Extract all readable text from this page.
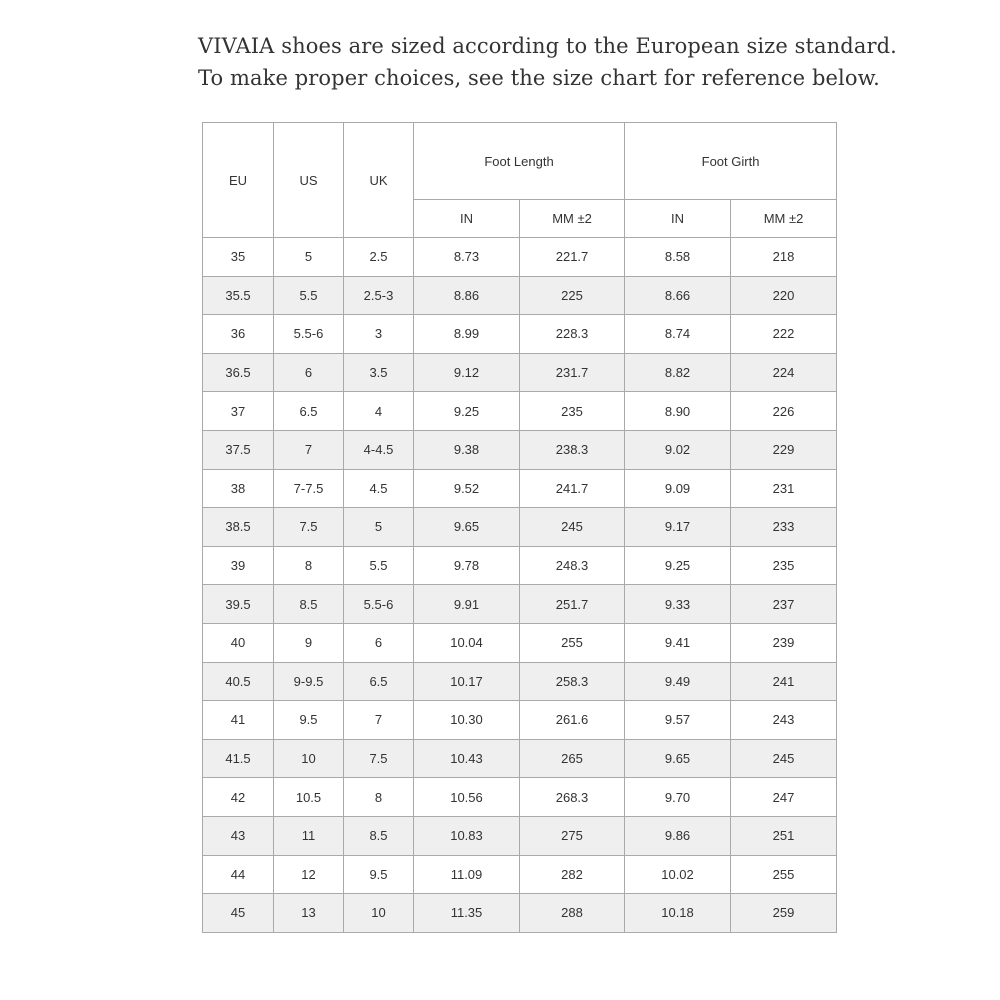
VIVAIA shoes are sized according to the European size standard.
To make proper choices, see the size chart for reference below.
EU	US	UK	Foot Length		Foot Girth	
			IN	MM ±2	IN	MM ±2
35	5	2.5	8.73	221.7	8.58	218
35.5	5.5	2.5-3	8.86	225	8.66	220
36	5.5-6	3	8.99	228.3	8.74	222
36.5	6	3.5	9.12	231.7	8.82	224
37	6.5	4	9.25	235	8.90	226
37.5	7	4-4.5	9.38	238.3	9.02	229
38	7-7.5	4.5	9.52	241.7	9.09	231
38.5	7.5	5	9.65	245	9.17	233
39	8	5.5	9.78	248.3	9.25	235
39.5	8.5	5.5-6	9.91	251.7	9.33	237
40	9	6	10.04	255	9.41	239
40.5	9-9.5	6.5	10.17	258.3	9.49	241
41	9.5	7	10.30	261.6	9.57	243
41.5	10	7.5	10.43	265	9.65	245
42	10.5	8	10.56	268.3	9.70	247
43	11	8.5	10.83	275	9.86	251
44	12	9.5	11.09	282	10.02	255
45	13	10	11.35	288	10.18	259
